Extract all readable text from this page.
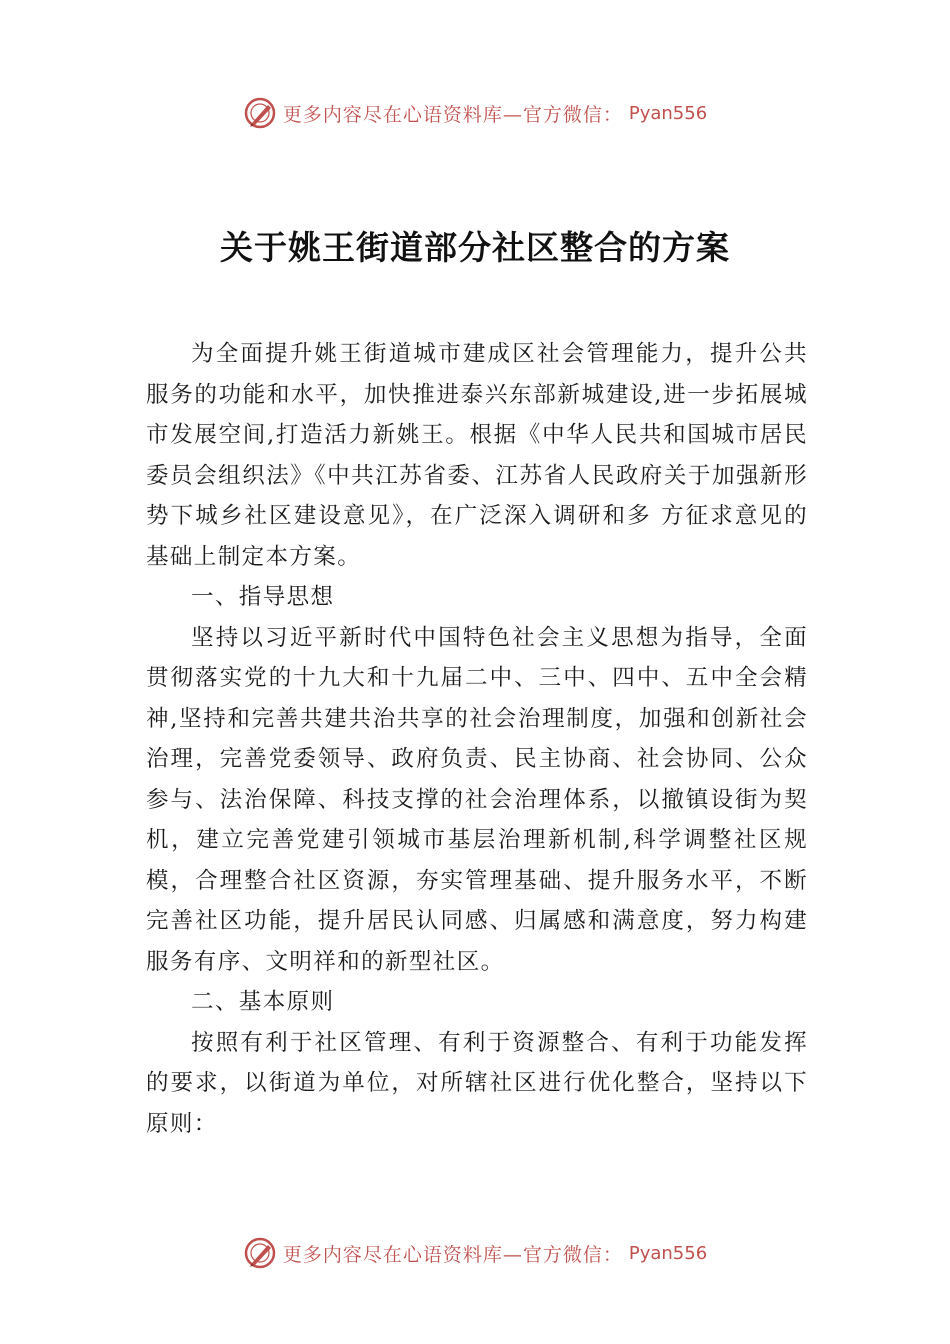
更多内容尽在心语资料库—官方微信： Pyan556
关于姚王街道部分社区整合的方案

为全面提升姚王街道城市建成区社会管理能力，提升公共服务的功能和水平，加快推进泰兴东部新城建设,进一步拓展城市发展空间,打造活力新姚王。根据《中华人民共和国城市居民委员会组织法》《中共江苏省委、江苏省人民政府关于加强新形势下城乡社区建设意见》，在广泛深入调研和多 方征求意见的基础上制定本方案。

一、指导思想

坚持以习近平新时代中国特色社会主义思想为指导，全面贯彻落实党的十九大和十九届二中、三中、四中、五中全会精神,坚持和完善共建共治共享的社会治理制度，加强和创新社会治理，完善党委领导、政府负责、民主协商、社会协同、公众参与、法治保障、科技支撑的社会治理体系，以撤镇设街为契机，建立完善党建引领城市基层治理新机制,科学调整社区规模，合理整合社区资源，夯实管理基础、提升服务水平，不断完善社区功能，提升居民认同感、归属感和满意度，努力构建服务有序、文明祥和的新型社区。

二、基本原则

按照有利于社区管理、有利于资源整合、有利于功能发挥的要求，以街道为单位，对所辖社区进行优化整合，坚持以下原则：

更多内容尽在心语资料库—官方微信： Pyan556
